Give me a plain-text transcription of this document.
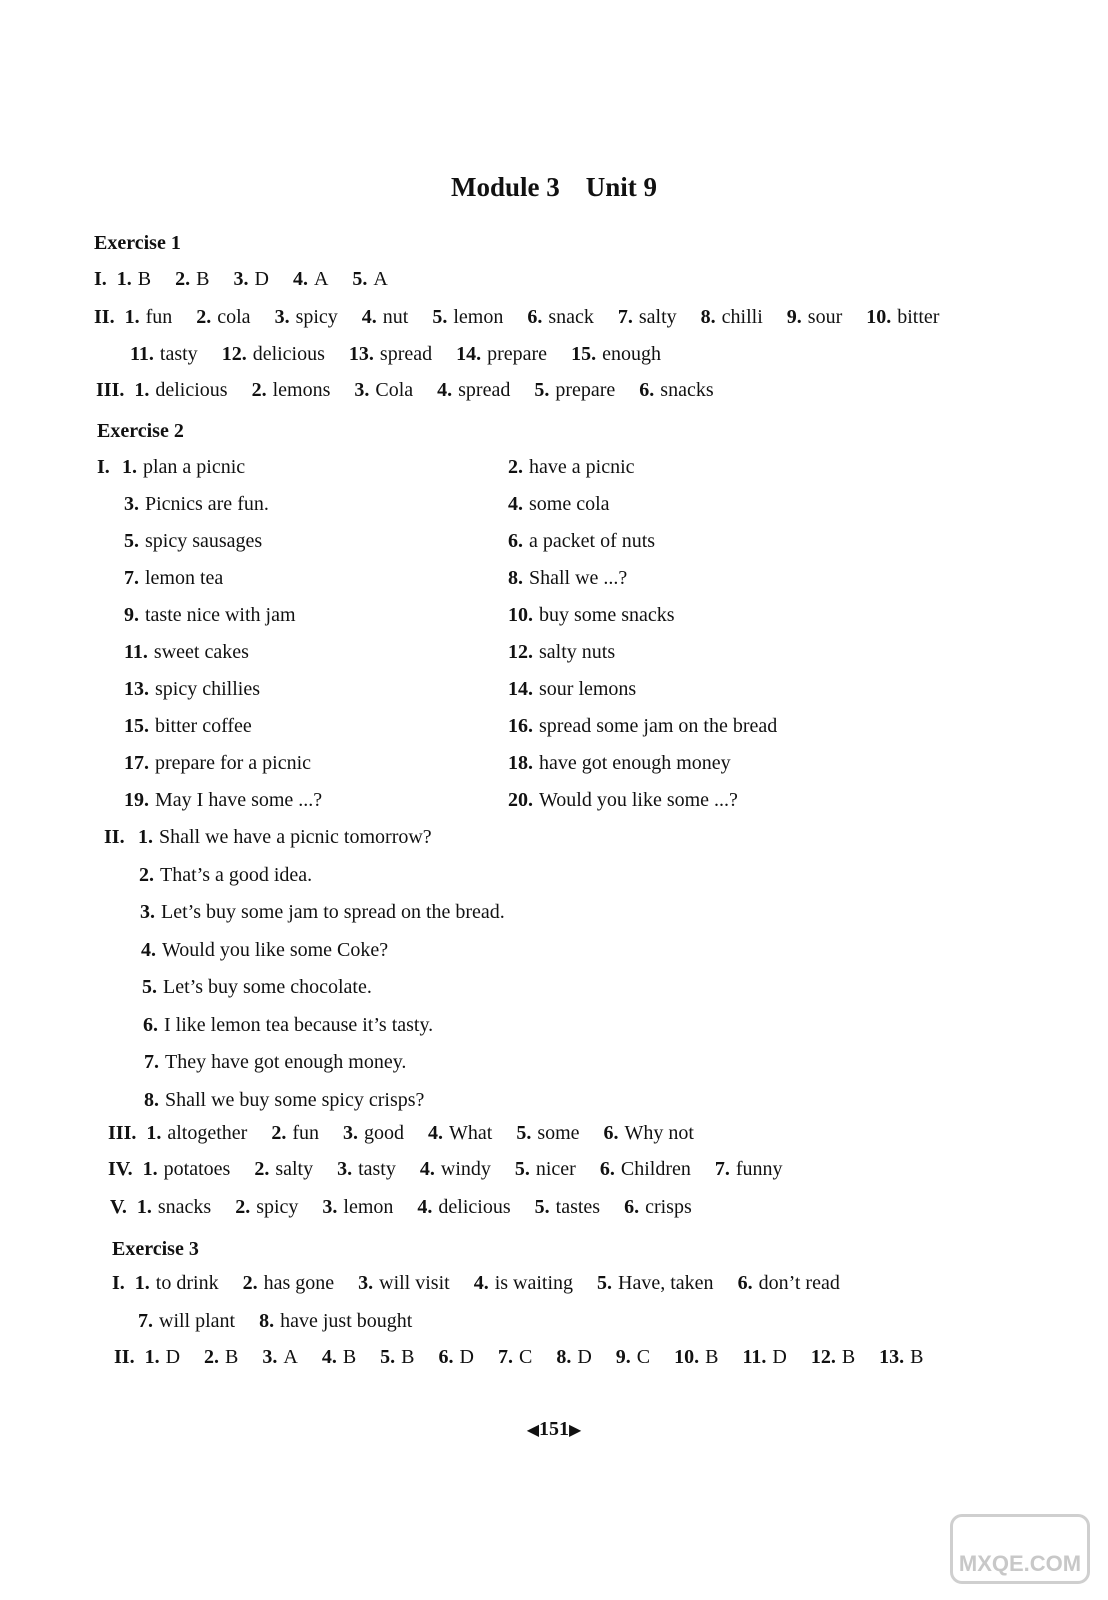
Module 3 Unit 9
Exercise 1
I. 1. B 2. B 3. D 4. A 5. A
II. 1. fun 2. cola 3. spicy 4. nut 5. lemon 6. snack 7. salty 8. chilli 9. sour 10. bitter
11. tasty 12. delicious 13. spread 14. prepare 15. enough
III. 1. delicious 2. lemons 3. Cola 4. spread 5. prepare 6. snacks
Exercise 2
I. 1. plan a picnic	2. have a picnic
3. Picnics are fun.	4. some cola
5. spicy sausages	6. a packet of nuts
7. lemon tea	8. Shall we ...?
9. taste nice with jam	10. buy some snacks
11. sweet cakes	12. salty nuts
13. spicy chillies	14. sour lemons
15. bitter coffee	16. spread some jam on the bread
17. prepare for a picnic	18. have got enough money
19. May I have some ...?	20. Would you like some ...?
II. 1. Shall we have a picnic tomorrow?
2. That’s a good idea.
3. Let’s buy some jam to spread on the bread.
4. Would you like some Coke?
5. Let’s buy some chocolate.
6. I like lemon tea because it’s tasty.
7. They have got enough money.
8. Shall we buy some spicy crisps?
III. 1. altogether 2. fun 3. good 4. What 5. some 6. Why not
IV. 1. potatoes 2. salty 3. tasty 4. windy 5. nicer 6. Children 7. funny
V. 1. snacks 2. spicy 3. lemon 4. delicious 5. tastes 6. crisps
Exercise 3
I. 1. to drink 2. has gone 3. will visit 4. is waiting 5. Have, taken 6. don’t read
7. will plant 8. have just bought
II. 1. D 2. B 3. A 4. B 5. B 6. D 7. C 8. D 9. C 10. B 11. D 12. B 13. B
◀151▶
MXQE.COM
